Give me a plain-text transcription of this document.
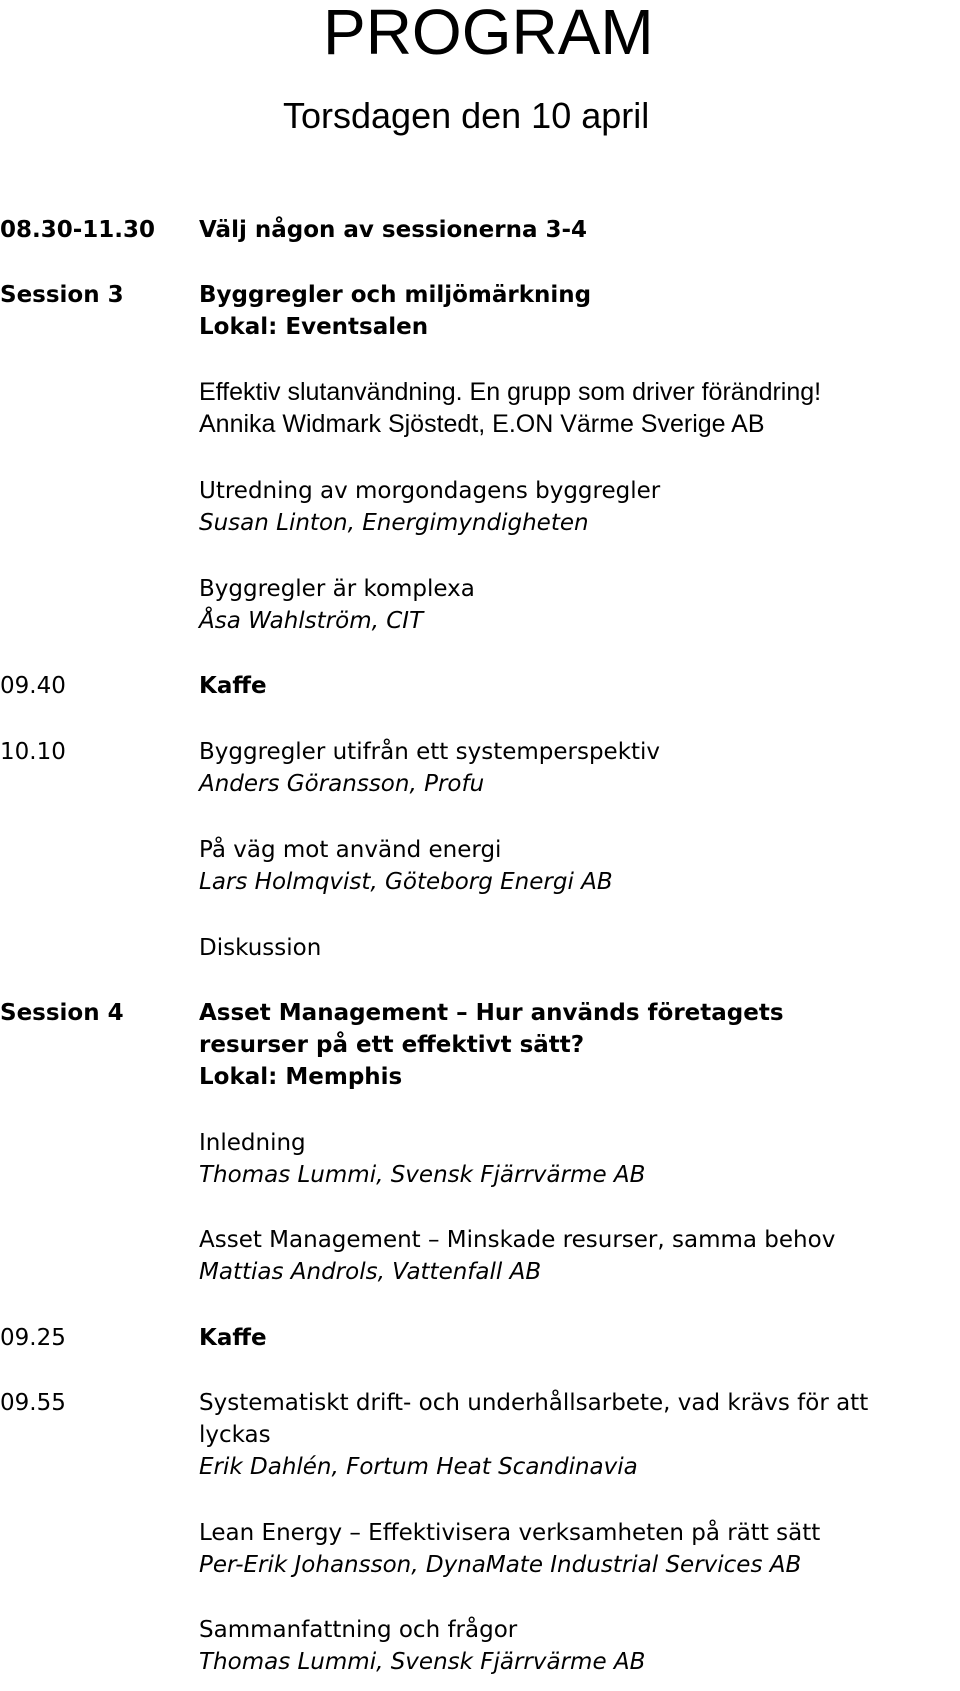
PROGRAM
Torsdagen den 10 april
08.30-11.30 Välj någon av sessionerna 3-4
Session 3	Byggregler och miljömärkning
Lokal: Eventsalen
Effektiv slutanvändning. En grupp som driver förändring!
Annika Widmark Sjöstedt, E.ON Värme Sverige AB
Utredning av morgondagens byggregler
Susan Linton, Energimyndigheten
Byggregler är komplexa
Åsa Wahlström, CIT
09.40	Kaffe
10.10	Byggregler utifrån ett systemperspektiv
Anders Göransson, Profu
På väg mot använd energi
Lars Holmqvist, Göteborg Energi AB
Diskussion
Session 4	Asset Management – Hur används företagets
resurser på ett effektivt sätt?
Lokal: Memphis
Inledning
Thomas Lummi, Svensk Fjärrvärme AB
Asset Management – Minskade resurser, samma behov
Mattias Androls, Vattenfall AB
09.25	Kaffe
09.55	Systematiskt drift- och underhållsarbete, vad krävs för att
lyckas
Erik Dahlén, Fortum Heat Scandinavia
Lean Energy – Effektivisera verksamheten på rätt sätt
Per-Erik Johansson, DynaMate Industrial Services AB
Sammanfattning och frågor
Thomas Lummi, Svensk Fjärrvärme AB
